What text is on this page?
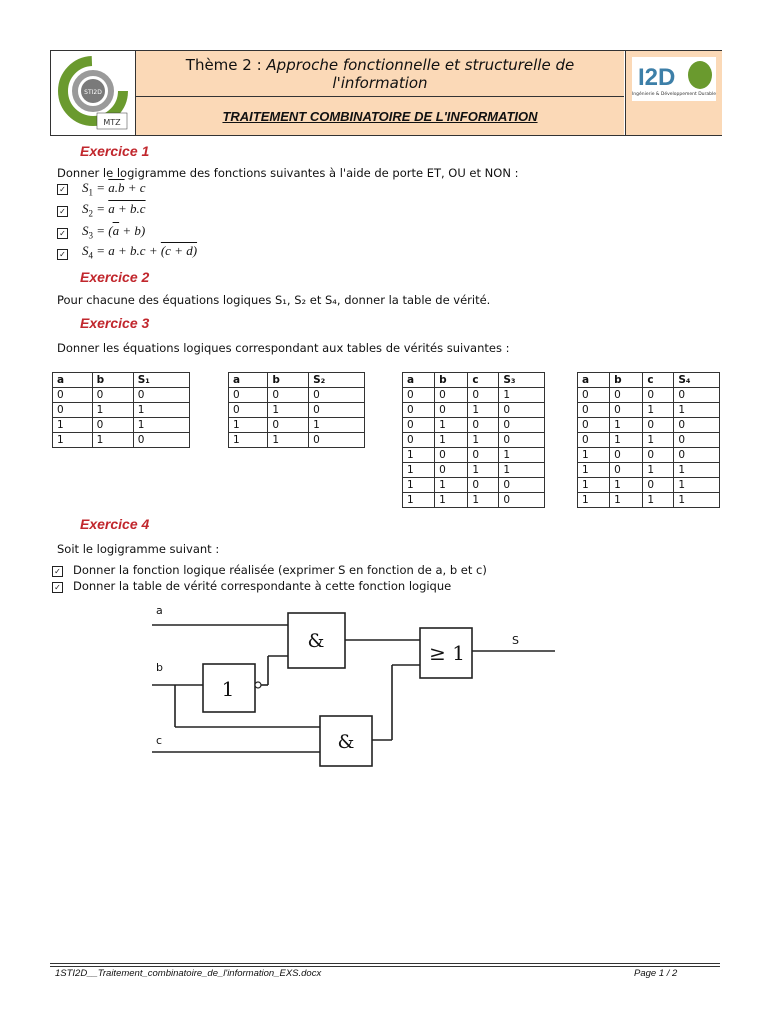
STI2D
MTZ
Thème 2 : Approche fonctionnelle et structurelle de l'information
TRAITEMENT COMBINATOIRE DE L'INFORMATION
I2D
Ingénierie & Développement Durable
Exercice 1
Donner le logigramme des fonctions suivantes à l'aide de porte ET, OU et NON :
✓ $S_1 = a.b + c$
✓ $S_2 = a + b.c$
✓ $S_3 = (\overline{a} + b)$
✓ $S_4 = a + b.c + (c + d)$
Exercice 2
Pour chacune des équations logiques S₁, S₂ et S₄, donner la table de vérité.
Exercice 3
Donner les équations logiques correspondant aux tables de vérités suivantes :
a	b	S₁
0	0	0
0	1	1
1	0	1
1	1	0
a	b	S₂
0	0	0
0	1	0
1	0	1
1	1	0
a	b	c	S₃
0	0	0	1
0	0	1	0
0	1	0	0
0	1	1	0
1	0	0	1
1	0	1	1
1	1	0	0
1	1	1	0
a	b	c	S₄
0	0	0	0
0	0	1	1
0	1	0	0
0	1	1	0
1	0	0	0
1	0	1	1
1	1	0	1
1	1	1	1
Exercice 4
Soit le logigramme suivant :
✓ Donner la fonction logique réalisée (exprimer S en fonction de a, b et c)
✓ Donner la table de vérité correspondante à cette fonction logique
&
1
≥ 1
&
a
b
c
S
1STI2D__Traitement_combinatoire_de_l'information_EXS.docx	Page 1 / 2
